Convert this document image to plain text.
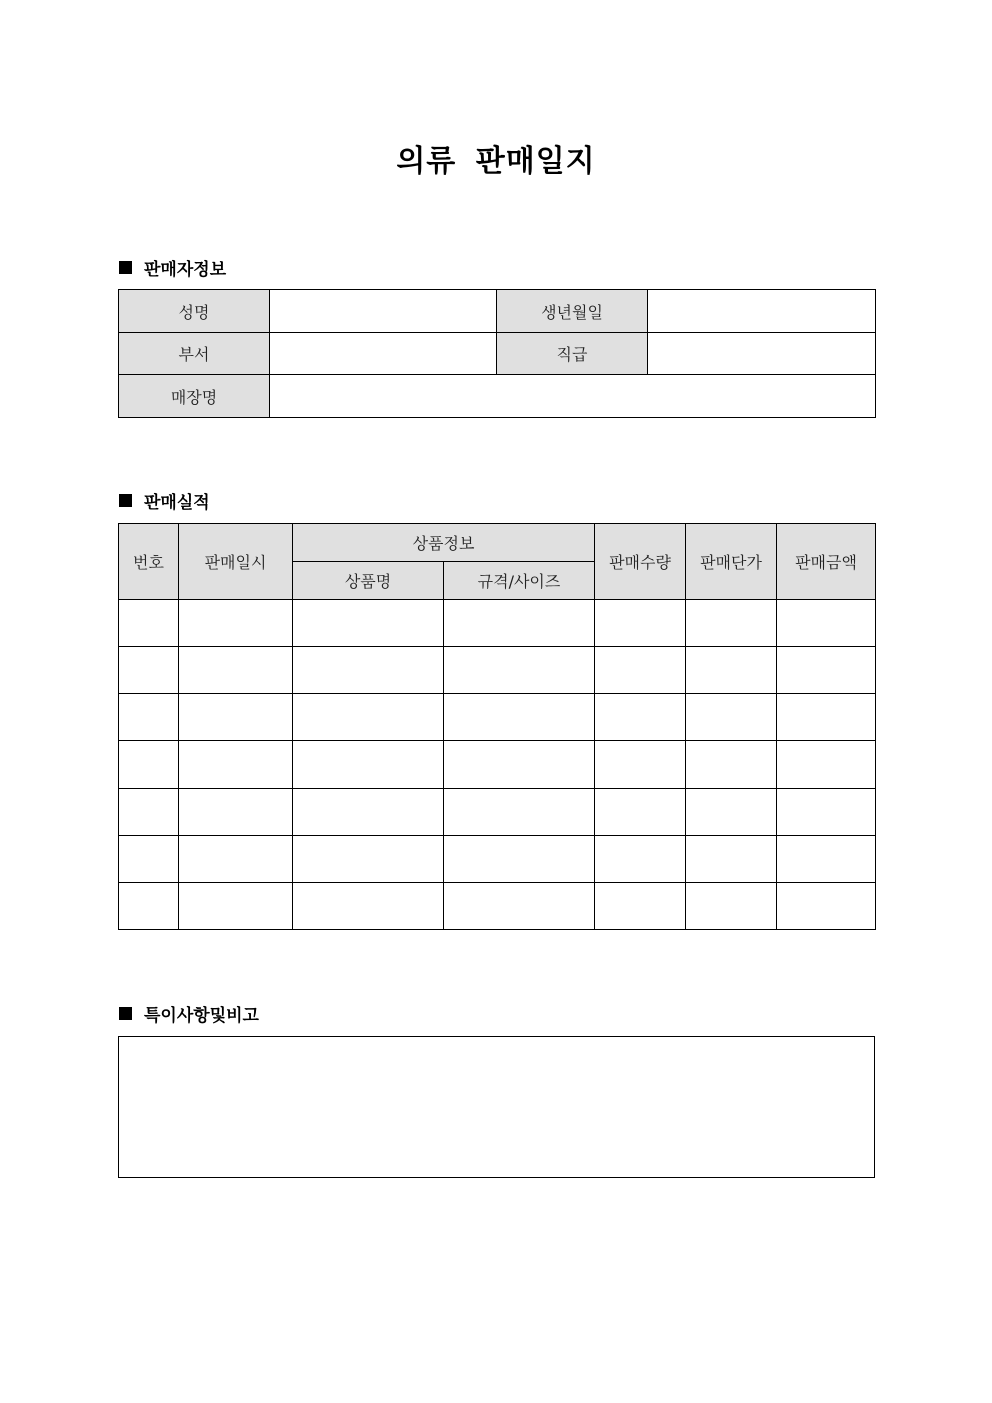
의류 판매일지
판매자정보
성명		생년월일	
부서		직급	
매장명			
판매실적
번호	판매일시	상품정보		판매수량	판매단가	판매금액
		상품명	규격/사이즈			

특이사항및비고
